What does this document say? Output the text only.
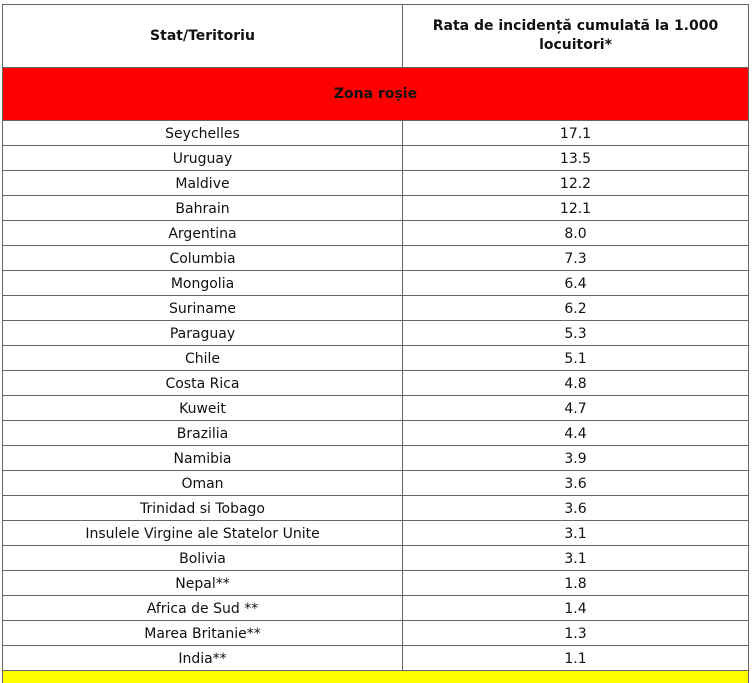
Stat/Teritoriu	Rata de incidență cumulată la 1.000 locuitori*
Zona roșie	
Seychelles	17.1
Uruguay	13.5
Maldive	12.2
Bahrain	12.1
Argentina	8.0
Columbia	7.3
Mongolia	6.4
Suriname	6.2
Paraguay	5.3
Chile	5.1
Costa Rica	4.8
Kuweit	4.7
Brazilia	4.4
Namibia	3.9
Oman	3.6
Trinidad si Tobago	3.6
Insulele Virgine ale Statelor Unite	3.1
Bolivia	3.1
Nepal**	1.8
Africa de Sud **	1.4
Marea Britanie**	1.3
India**	1.1
